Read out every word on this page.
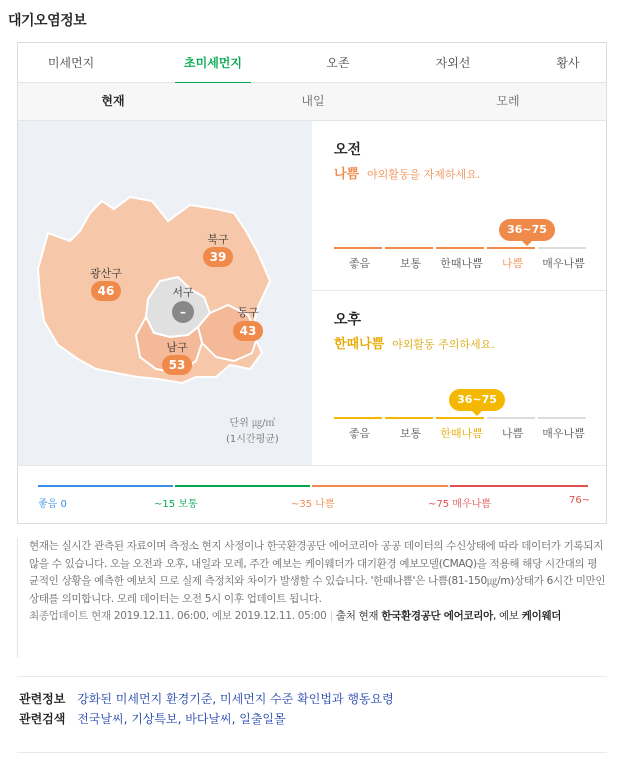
대기오염정보
미세먼지	초미세먼지	오존	자외선	황사
현재	내일	모레
북구
39
광산구
46	서구
–	동구
43
남구
53
단위 ㎍/㎥
(1시간평균)
오전
나쁨 야외활동을 자제하세요.
36~75
좋음	보통	한때나쁨	나쁨	매우나쁨
오후
한때나쁨 야외활동 주의하세요.
36~75
좋음	보통	한때나쁨	나쁨	매우나쁨
좋음 0	~15 보통	~35 나쁨	~75 매우나쁨	76~

현재는 실시간 관측된 자료이며 측정소 현지 사정이나 한국환경공단 에어코리아 공공 데이터의 수신상태에 따라 데이터가 기록되지 않을 수 있습니다. 오늘 오전과 오후, 내일과 모레, 주간 예보는 케이웨더가 대기환경 예보모델(CMAQ)을 적용해 해당 시간대의 평균적인 상황을 예측한 예보치 므로 실제 측정치와 차이가 발생할 수 있습니다. '한때나쁨'은 나쁨(81-150㎍/m)상태가 6시간 미만인 상태를 의미합니다. 모레 데이터는 오전 5시 이후 업데이트 됩니다.

최종업데이트 현재 2019.12.11. 06:00, 예보 2019.12.11. 05:00 | 출처 현재 한국환경공단 에어코리아, 예보 케이웨더

관련정보 강화된 미세먼지 환경기준, 미세먼지 수준 확인법과 행동요령
관련검색 전국날씨, 기상특보, 바다날씨, 일출일몰
